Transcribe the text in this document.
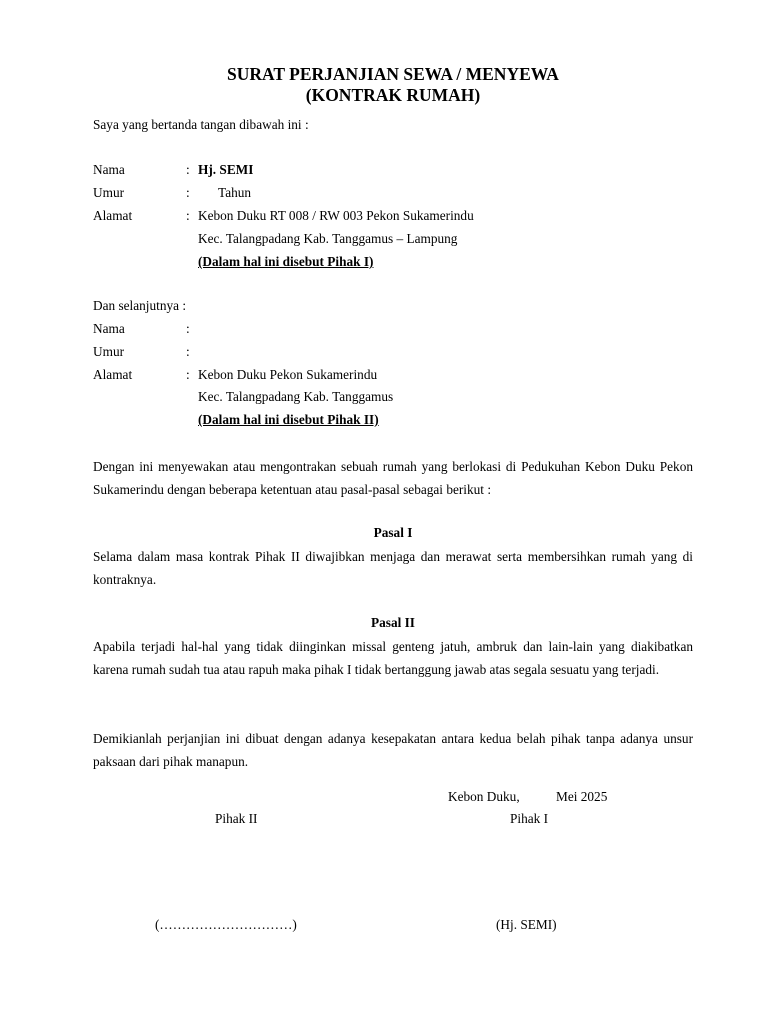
SURAT PERJANJIAN SEWA / MENYEWA
(KONTRAK RUMAH)
Saya yang bertanda tangan dibawah ini :
Nama	: Hj. SEMI
Umur	: Tahun
Alamat	: Kebon Duku RT 008 / RW 003 Pekon Sukamerindu
Kec. Talangpadang Kab. Tanggamus – Lampung
(Dalam hal ini disebut Pihak I)
Dan selanjutnya :
Nama	:
Umur	:
Alamat	: Kebon Duku Pekon Sukamerindu
Kec. Talangpadang Kab. Tanggamus
(Dalam hal ini disebut Pihak II)
Dengan ini menyewakan atau mengontrakan sebuah rumah yang berlokasi di Pedukuhan Kebon Duku Pekon Sukamerindu dengan beberapa ketentuan atau pasal-pasal sebagai berikut :
Pasal I
Selama dalam masa kontrak Pihak II diwajibkan menjaga dan merawat serta membersihkan rumah yang di kontraknya.
Pasal II
Apabila terjadi hal-hal yang tidak diinginkan missal genteng jatuh, ambruk dan lain-lain yang diakibatkan karena rumah sudah tua atau rapuh maka pihak I tidak bertanggung jawab atas segala sesuatu yang terjadi.
Demikianlah perjanjian ini dibuat dengan adanya kesepakatan antara kedua belah pihak tanpa adanya unsur paksaan dari pihak manapun.
Kebon Duku,	Mei 2025
Pihak II	Pihak I
(…………………………)	(Hj. SEMI)
